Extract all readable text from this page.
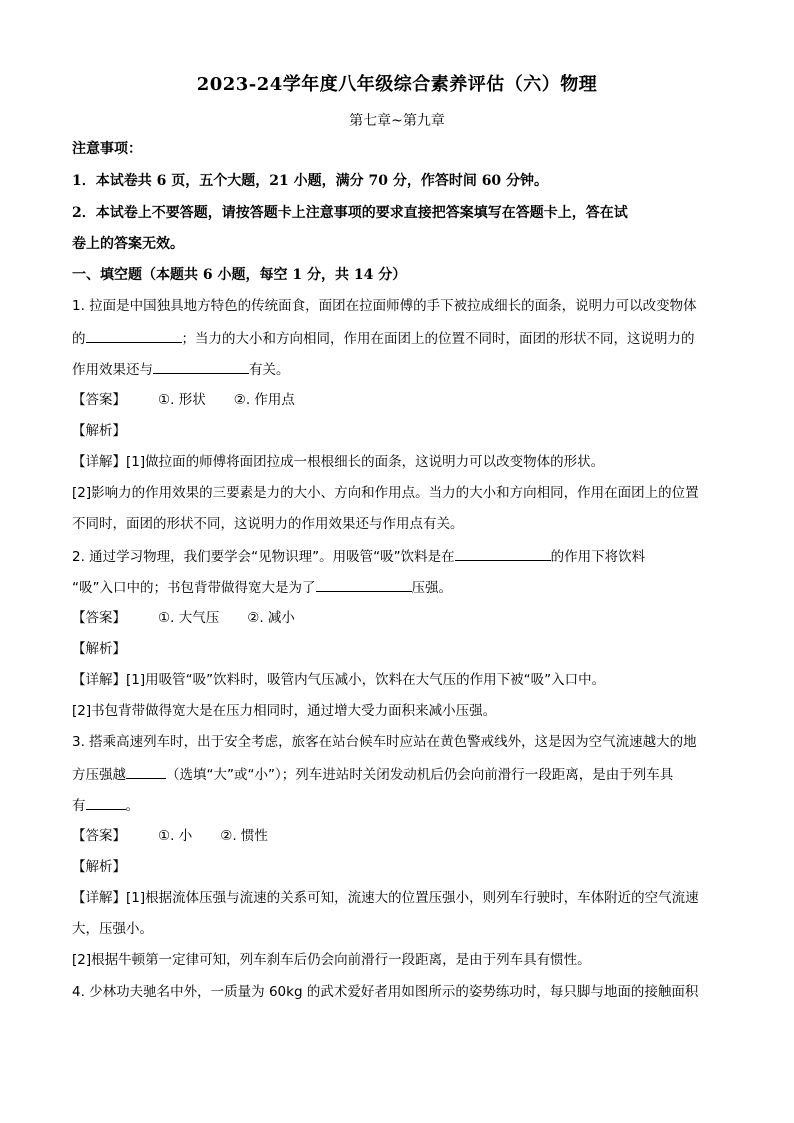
2023-24学年度八年级综合素养评估（六）物理
第七章~第九章
注意事项：
1．本试卷共 6 页，五个大题，21 小题，满分 70 分，作答时间 60 分钟。
2．本试卷上不要答题，请按答题卡上注意事项的要求直接把答案填写在答题卡上，答在试
卷上的答案无效。
一、填空题（本题共 6 小题，每空 1 分，共 14 分）
1. 拉面是中国独具地方特色的传统面食，面团在拉面师傅的手下被拉成细长的面条，说明力可以改变物体
的	；当力的大小和方向相同，作用在面团上的位置不同时，面团的形状不同，这说明力的
作用效果还与	有关。
【答案】 ①. 形状 ②. 作用点
【解析】
【详解】[1]做拉面的师傅将面团拉成一根根细长的面条，这说明力可以改变物体的形状。
[2]影响力的作用效果的三要素是力的大小、方向和作用点。当力的大小和方向相同，作用在面团上的位置
不同时，面团的形状不同，这说明力的作用效果还与作用点有关。
2. 通过学习物理，我们要学会“见物识理”。用吸管“吸”饮料是在	的作用下将饮料
“吸”入口中的；书包背带做得宽大是为了	压强。
【答案】 ①. 大气压 ②. 减小
【解析】
【详解】[1]用吸管“吸”饮料时，吸管内气压减小，饮料在大气压的作用下被“吸”入口中。
[2]书包背带做得宽大是在压力相同时，通过增大受力面积来减小压强。
3. 搭乘高速列车时，出于安全考虑，旅客在站台候车时应站在黄色警戒线外，这是因为空气流速越大的地
方压强越	（选填“大”或“小”）；列车进站时关闭发动机后仍会向前滑行一段距离，是由于列车具
有	。
【答案】 ①. 小 ②. 惯性
【解析】
【详解】[1]根据流体压强与流速的关系可知，流速大的位置压强小，则列车行驶时，车体附近的空气流速
大，压强小。
[2]根据牛顿第一定律可知，列车刹车后仍会向前滑行一段距离，是由于列车具有惯性。
4. 少林功夫驰名中外，一质量为 60kg 的武术爱好者用如图所示的姿势练功时，每只脚与地面的接触面积
